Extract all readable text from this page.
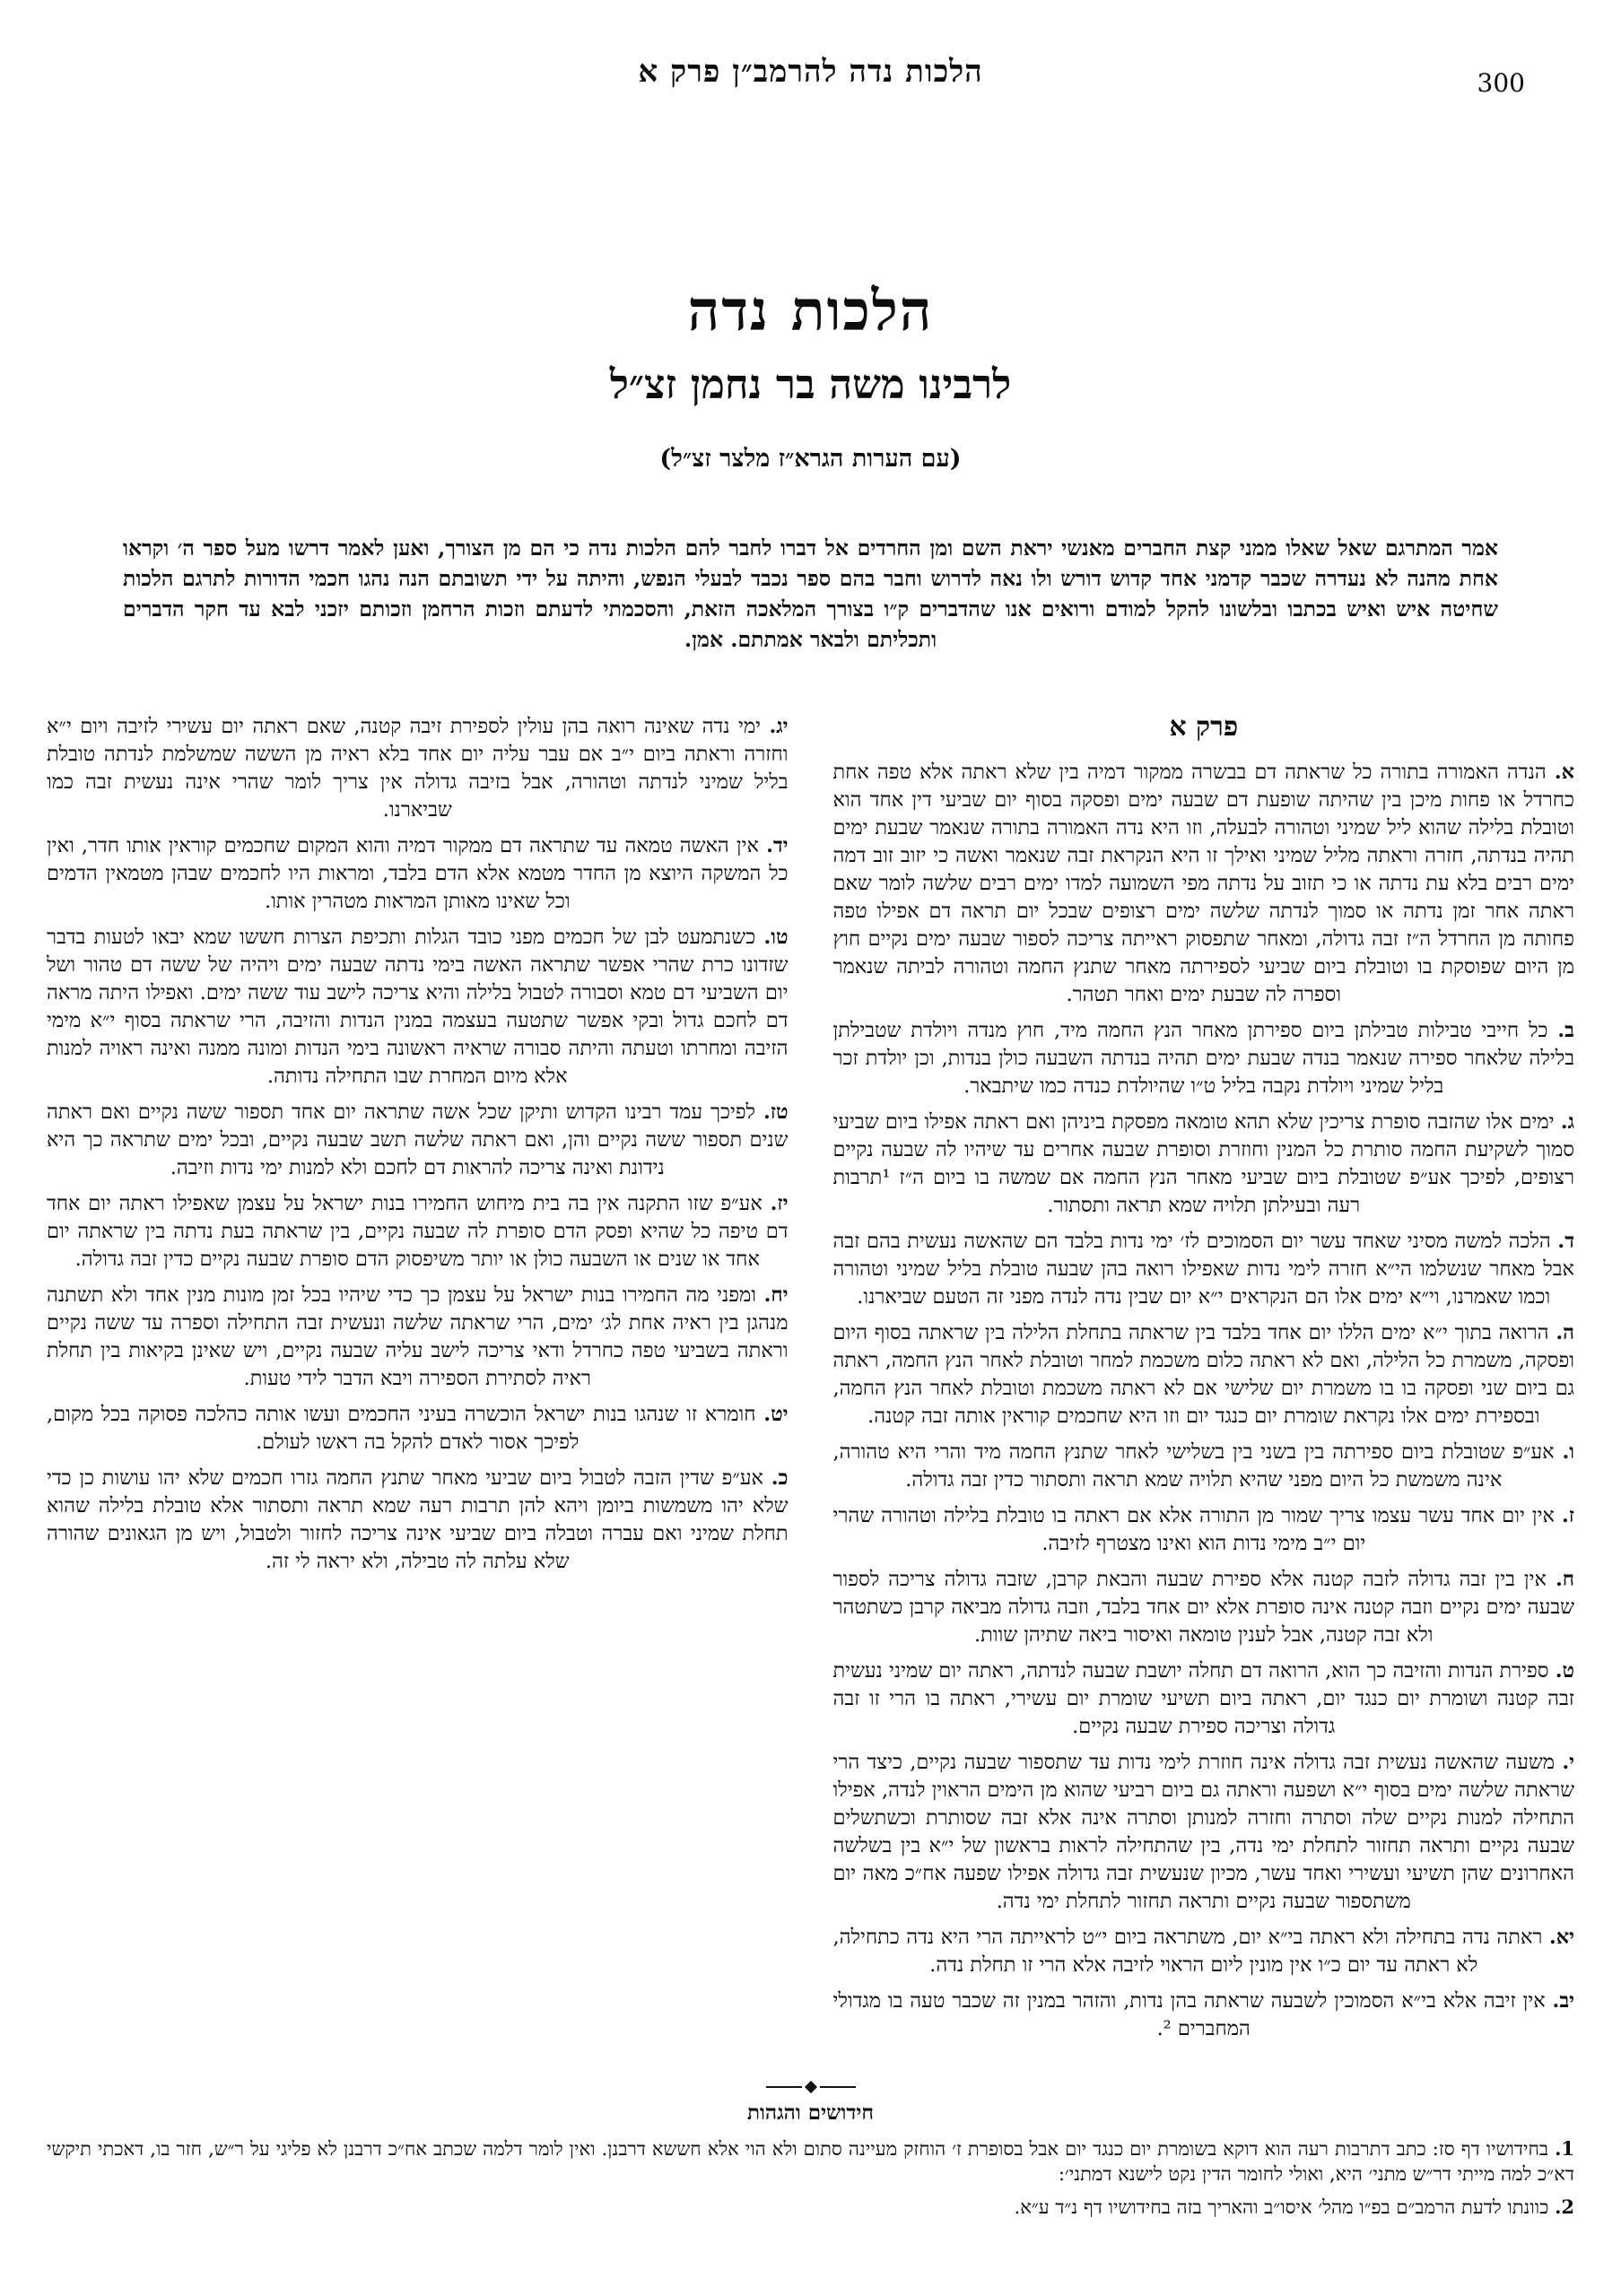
הלכות נדה להרמב״ן פרק א	300
הלכות נדה
לרבינו משה בר נחמן זצ״ל
(עם הערות הגרא״ז מלצר זצ״ל)
אמר המתרגם שאל שאלו ממני קצת החברים מאנשי יראת השם ומן החרדים אל דברו לחבר להם הלכות נדה כי הם מן הצורך, ואען לאמר דרשו מעל ספר ה׳ וקראו אחת מהנה לא נעדרה שכבר קדמני אחד קדוש דורש ולו נאה לדרוש וחבר בהם ספר נכבד לבעלי הנפש, והיתה על ידי תשובתם הנה נהגו חכמי הדורות לתרגם הלכות שחיטה איש ואיש בכתבו ובלשונו להקל למודם ורואים אנו שהדברים ק״ו בצורך המלאכה הזאת, והסכמתי לדעתם וזכות הרחמן וזכותם יזכני לבא עד חקר הדברים ותכליתם ולבאר אמתתם. אמן.
פרק א

א. הנדה האמורה בתורה כל שראתה דם בבשרה ממקור דמיה בין שלא ראתה אלא טפה אחת כחרדל או פחות מיכן בין שהיתה שופעת דם שבעה ימים ופסקה בסוף יום שביעי דין אחד הוא וטובלת בלילה שהוא ליל שמיני וטהורה לבעלה, וזו היא נדה האמורה בתורה שנאמר שבעת ימים תהיה בנדתה, חזרה וראתה מליל שמיני ואילך זו היא הנקראת זבה שנאמר ואשה כי יזוב זוב דמה ימים רבים בלא עת נדתה או כי תזוב על נדתה מפי השמועה למדו ימים רבים שלשה לומר שאם ראתה אחר זמן נדתה או סמוך לנדתה שלשה ימים רצופים שבכל יום תראה דם אפילו טפה פחותה מן החרדל ה״ז זבה גדולה, ומאחר שתפסוק ראייתה צריכה לספור שבעה ימים נקיים חוץ מן היום שפוסקת בו וטובלת ביום שביעי לספירתה מאחר שתנץ החמה וטהורה לביתה שנאמר וספרה לה שבעת ימים ואחר תטהר.

ב. כל חייבי טבילות טבילתן ביום ספירתן מאחר הנץ החמה מיד, חוץ מנדה ויולדת שטבילתן בלילה שלאחר ספירה שנאמר בנדה שבעת ימים תהיה בנדתה השבעה כולן בנדות, וכן יולדת זכר בליל שמיני ויולדת נקבה בליל ט״ו שהיולדת כנדה כמו שיתבאר.

ג. ימים אלו שהזבה סופרת צריכין שלא תהא טומאה מפסקת ביניהן ואם ראתה אפילו ביום שביעי סמוך לשקיעת החמה סותרת כל המנין וחוזרת וסופרת שבעה אחרים עד שיהיו לה שבעה נקיים רצופים, לפיכך אע״פ שטובלת ביום שביעי מאחר הנץ החמה אם שמשה בו ביום ה״ז ¹תרבות רעה ובעילתן תלויה שמא תראה ותסתור.

ד. הלכה למשה מסיני שאחד עשר יום הסמוכים לז׳ ימי נדות בלבד הם שהאשה נעשית בהם זבה אבל מאחר שנשלמו הי״א חזרה לימי נדות שאפילו רואה בהן שבעה טובלת בליל שמיני וטהורה וכמו שאמרנו, וי״א ימים אלו הם הנקראים י״א יום שבין נדה לנדה מפני זה הטעם שביארנו.

ה. הרואה בתוך י״א ימים הללו יום אחד בלבד בין שראתה בתחלת הלילה בין שראתה בסוף היום ופסקה, משמרת כל הלילה, ואם לא ראתה כלום משכמת למחר וטובלת לאחר הנץ החמה, ראתה גם ביום שני ופסקה בו בו משמרת יום שלישי אם לא ראתה משכמת וטובלת לאחר הנץ החמה, ובספירת ימים אלו נקראת שומרת יום כנגד יום וזו היא שחכמים קוראין אותה זבה קטנה.

ו. אע״פ שטובלת ביום ספירתה בין בשני בין בשלישי לאחר שתנץ החמה מיד והרי היא טהורה, אינה משמשת כל היום מפני שהיא תלויה שמא תראה ותסתור כדין זבה גדולה.

ז. אין יום אחד עשר עצמו צריך שמור מן התורה אלא אם ראתה בו טובלת בלילה וטהורה שהרי יום י״ב מימי נדות הוא ואינו מצטרף לזיבה.

ח. אין בין זבה גדולה לזבה קטנה אלא ספירת שבעה והבאת קרבן, שזבה גדולה צריכה לספור שבעה ימים נקיים וזבה קטנה אינה סופרת אלא יום אחד בלבד, וזבה גדולה מביאה קרבן כשתטהר ולא זבה קטנה, אבל לענין טומאה ואיסור ביאה שתיהן שוות.

ט. ספירת הנדות והזיבה כך הוא, הרואה דם תחלה יושבת שבעה לנדתה, ראתה יום שמיני נעשית זבה קטנה ושומרת יום כנגד יום, ראתה ביום תשיעי שומרת יום עשירי, ראתה בו הרי זו זבה גדולה וצריכה ספירת שבעה נקיים.

י. משעה שהאשה נעשית זבה גדולה אינה חוזרת לימי נדות עד שתספור שבעה נקיים, כיצד הרי שראתה שלשה ימים בסוף י״א ושפעה וראתה גם ביום רביעי שהוא מן הימים הראוין לנדה, אפילו התחילה למנות נקיים שלה וסתרה וחזרה למנותן וסתרה אינה אלא זבה שסותרת וכשתשלים שבעה נקיים ותראה תחזור לתחלת ימי נדה, בין שהתחילה לראות בראשון של י״א בין בשלשה האחרונים שהן תשיעי ועשירי ואחד עשר, מכיון שנעשית זבה גדולה אפילו שפעה אח״כ מאה יום משתספור שבעה נקיים ותראה תחזור לתחלת ימי נדה.

יא. ראתה נדה בתחילה ולא ראתה בי״א יום, משתראה ביום י״ט לראייתה הרי היא נדה כתחילה, לא ראתה עד יום כ״ו אין מונין ליום הראוי לזיבה אלא הרי זו תחלת נדה.

יב. אין זיבה אלא בי״א הסמוכין לשבעה שראתה בהן נדות, והזהר במנין זה שכבר טעה בו מגדולי המחברים ².

יג. ימי נדה שאינה רואה בהן עולין לספירת זיבה קטנה, שאם ראתה יום עשירי לזיבה ויום י״א וחזרה וראתה ביום י״ב אם עבר עליה יום אחד בלא ראיה מן הששה שמשלמת לנדתה טובלת בליל שמיני לנדתה וטהורה, אבל בזיבה גדולה אין צריך לומר שהרי אינה נעשית זבה כמו שביארנו.

יד. אין האשה טמאה עד שתראה דם ממקור דמיה והוא המקום שחכמים קוראין אותו חדר, ואין כל המשקה היוצא מן החדר מטמא אלא הדם בלבד, ומראות היו לחכמים שבהן מטמאין הדמים וכל שאינו מאותן המראות מטהרין אותו.

טו. כשנתמעט לבן של חכמים מפני כובד הגלות ותכיפת הצרות חששו שמא יבאו לטעות בדבר שזדונו כרת שהרי אפשר שתראה האשה בימי נדתה שבעה ימים ויהיה של ששה דם טהור ושל יום השביעי דם טמא וסבורה לטבול בלילה והיא צריכה לישב עוד ששה ימים. ואפילו היתה מראה דם לחכם גדול ובקי אפשר שתטעה בעצמה במנין הנדות והזיבה, הרי שראתה בסוף י״א מימי הזיבה ומחרתו וטעתה והיתה סבורה שראיה ראשונה בימי הנדות ומונה ממנה ואינה ראויה למנות אלא מיום המחרת שבו התחילה נדותה.

טז. לפיכך עמד רבינו הקדוש ותיקן שכל אשה שתראה יום אחד תספור ששה נקיים ואם ראתה שנים תספור ששה נקיים והן, ואם ראתה שלשה תשב שבעה נקיים, ובכל ימים שתראה כך היא נידונת ואינה צריכה להראות דם לחכם ולא למנות ימי נדות וזיבה.

יז. אע״פ שזו התקנה אין בה בית מיחוש החמירו בנות ישראל על עצמן שאפילו ראתה יום אחד דם טיפה כל שהיא ופסק הדם סופרת לה שבעה נקיים, בין שראתה בעת נדתה בין שראתה יום אחד או שנים או השבעה כולן או יותר משיפסוק הדם סופרת שבעה נקיים כדין זבה גדולה.

יח. ומפני מה החמירו בנות ישראל על עצמן כך כדי שיהיו בכל זמן מונות מנין אחד ולא תשתנה מנהגן בין ראיה אחת לג׳ ימים, הרי שראתה שלשה ונעשית זבה התחילה וספרה עד ששה נקיים וראתה בשביעי טפה כחרדל ודאי צריכה לישב עליה שבעה נקיים, ויש שאינן בקיאות בין תחלת ראיה לסתירת הספירה ויבא הדבר לידי טעות.

יט. חומרא זו שנהגו בנות ישראל הוכשרה בעיני החכמים ועשו אותה כהלכה פסוקה בכל מקום, לפיכך אסור לאדם להקל בה ראשו לעולם.

כ. אע״פ שדין הזבה לטבול ביום שביעי מאחר שתנץ החמה גזרו חכמים שלא יהו עושות כן כדי שלא יהו משמשות ביומן ויהא להן תרבות רעה שמא תראה ותסתור אלא טובלת בלילה שהוא תחלת שמיני ואם עברה וטבלה ביום שביעי אינה צריכה לחזור ולטבול, ויש מן הגאונים שהורה שלא עלתה לה טבילה, ולא יראה לי זה.

חידושים והגהות

1. בחידושיו דף סז: כתב דתרבות רעה הוא דוקא בשומרת יום כנגד יום אבל בסופרת ז׳ הוחזק מעיינה סתום ולא הוי אלא חששא דרבנן. ואין לומר דלמה שכתב אח״כ דרבנן לא פליגי על ר״ש, חזר בו, דאכתי תיקשי דא״כ למה מייתי דר״ש מתני׳ היא, ואולי לחומר הדין נקט לישנא דמתני׳:

2. כוונתו לדעת הרמב״ם בפ״ו מהל׳ איסו״ב והאריך בזה בחידושיו דף נ״ד ע״א.
